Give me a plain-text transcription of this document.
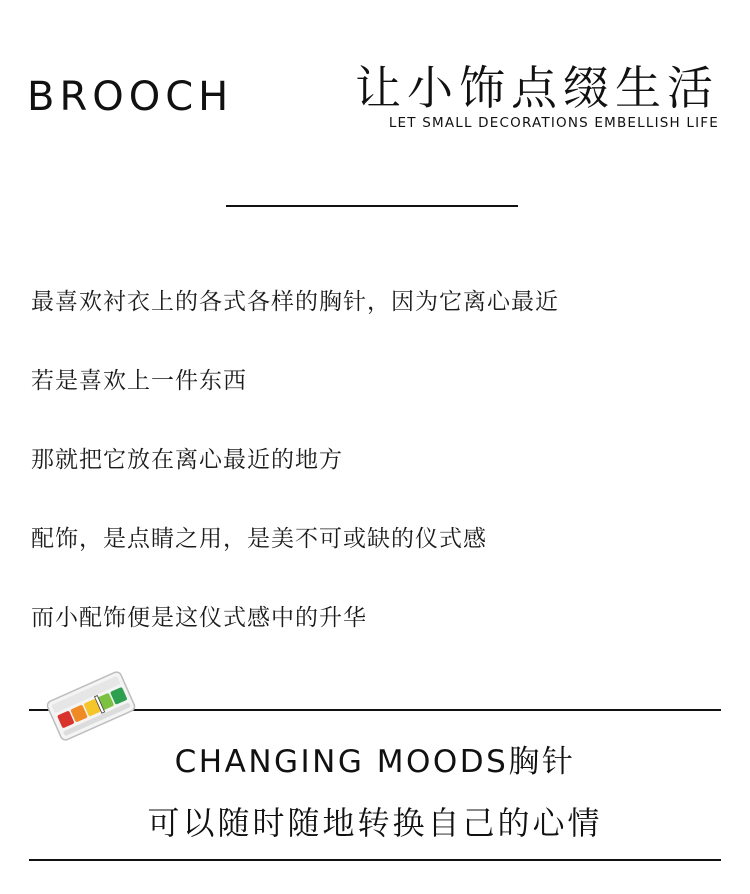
BROOCH	让小饰点缀生活
LET SMALL DECORATIONS EMBELLISH LIFE
最喜欢衬衣上的各式各样的胸针，因为它离心最近
若是喜欢上一件东西
那就把它放在离心最近的地方
配饰，是点睛之用，是美不可或缺的仪式感
而小配饰便是这仪式感中的升华
CHANGING MOODS胸针
可以随时随地转换自己的心情
